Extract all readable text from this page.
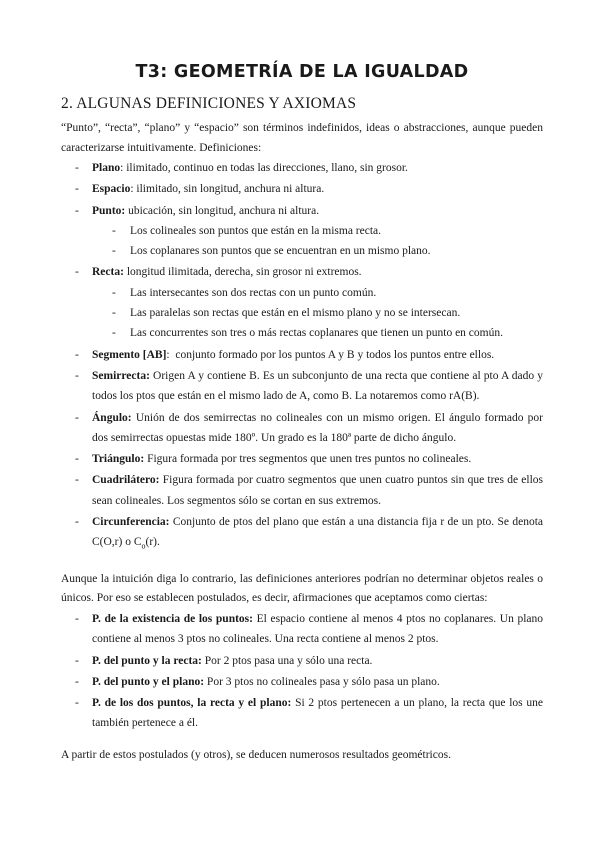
T3: GEOMETRÍA DE LA IGUALDAD
2. ALGUNAS DEFINICIONES Y AXIOMAS

“Punto”, “recta”, “plano” y “espacio” son términos indefinidos, ideas o abstracciones, aunque pueden caracterizarse intuitivamente. Definiciones:

- Plano: ilimitado, continuo en todas las direcciones, llano, sin grosor.
- Espacio: ilimitado, sin longitud, anchura ni altura.
- Punto: ubicación, sin longitud, anchura ni altura.
- Los colineales son puntos que están en la misma recta.
- Los coplanares son puntos que se encuentran en un mismo plano.
- Recta: longitud ilimitada, derecha, sin grosor ni extremos.
- Las intersecantes son dos rectas con un punto común.
- Las paralelas son rectas que están en el mismo plano y no se intersecan.
- Las concurrentes son tres o más rectas coplanares que tienen un punto en común.
- Segmento [AB]:  conjunto formado por los puntos A y B y todos los puntos entre ellos.
- Semirrecta: Origen A y contiene B. Es un subconjunto de una recta que contiene al pto A dado y todos los ptos que están en el mismo lado de A, como B. La notaremos como rA(B).
- Ángulo: Unión de dos semirrectas no colineales con un mismo origen. El ángulo formado por dos semirrectas opuestas mide 180º. Un grado es la 180ª parte de dicho ángulo.
- Triángulo: Figura formada por tres segmentos que unen tres puntos no colineales.
- Cuadrilátero: Figura formada por cuatro segmentos que unen cuatro puntos sin que tres de ellos sean colineales. Los segmentos sólo se cortan en sus extremos.
- Circunferencia: Conjunto de ptos del plano que están a una distancia fija r de un pto. Se denota C(O,r) o $C_o(r)$.

Aunque la intuición diga lo contrario, las definiciones anteriores podrían no determinar objetos reales o únicos. Por eso se establecen postulados, es decir, afirmaciones que aceptamos como ciertas:

- P. de la existencia de los puntos: El espacio contiene al menos 4 ptos no coplanares. Un plano contiene al menos 3 ptos no colineales. Una recta contiene al menos 2 ptos.
- P. del punto y la recta: Por 2 ptos pasa una y sólo una recta.
- P. del punto y el plano: Por 3 ptos no colineales pasa y sólo pasa un plano.
- P. de los dos puntos, la recta y el plano: Si 2 ptos pertenecen a un plano, la recta que los une también pertenece a él.

A partir de estos postulados (y otros), se deducen numerosos resultados geométricos.
